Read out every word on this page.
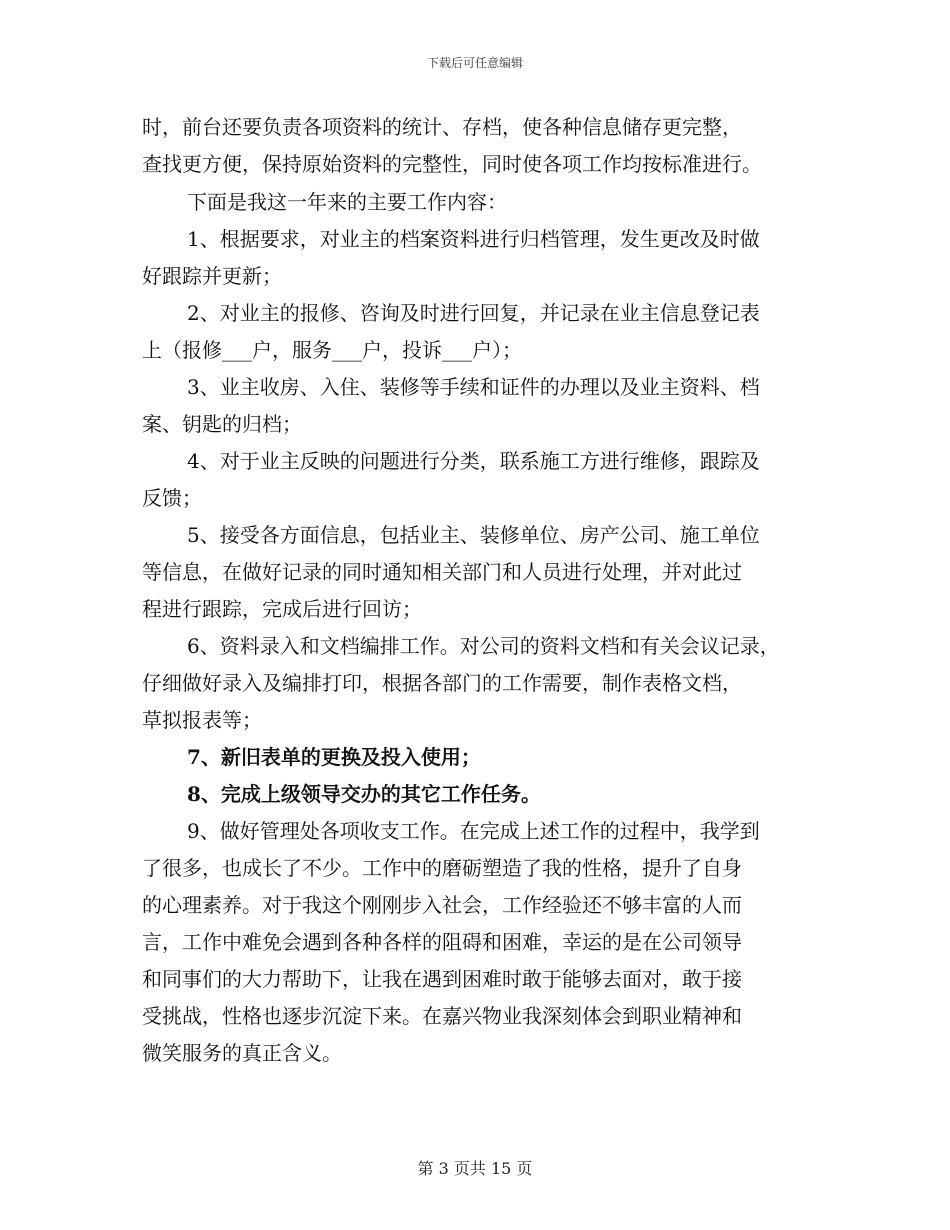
下载后可任意编辑
时，前台还要负责各项资料的统计、存档，使各种信息储存更完整，
查找更方便，保持原始资料的完整性，同时使各项工作均按标准进行。
下面是我这一年来的主要工作内容：
1、根据要求，对业主的档案资料进行归档管理，发生更改及时做
好跟踪并更新；
2、对业主的报修、咨询及时进行回复，并记录在业主信息登记表
上（报修___户，服务___户，投诉___户）；
3、业主收房、入住、装修等手续和证件的办理以及业主资料、档
案、钥匙的归档；
4、对于业主反映的问题进行分类，联系施工方进行维修，跟踪及
反馈；
5、接受各方面信息，包括业主、装修单位、房产公司、施工单位
等信息，在做好记录的同时通知相关部门和人员进行处理，并对此过
程进行跟踪，完成后进行回访；
6、资料录入和文档编排工作。对公司的资料文档和有关会议记录，
仔细做好录入及编排打印，根据各部门的工作需要，制作表格文档，
草拟报表等；
7、新旧表单的更换及投入使用；
8、完成上级领导交办的其它工作任务。
9、做好管理处各项收支工作。在完成上述工作的过程中，我学到
了很多，也成长了不少。工作中的磨砺塑造了我的性格，提升了自身
的心理素养。对于我这个刚刚步入社会，工作经验还不够丰富的人而
言，工作中难免会遇到各种各样的阻碍和困难，幸运的是在公司领导
和同事们的大力帮助下，让我在遇到困难时敢于能够去面对，敢于接
受挑战，性格也逐步沉淀下来。在嘉兴物业我深刻体会到职业精神和
微笑服务的真正含义。
第 3 页共 15 页
